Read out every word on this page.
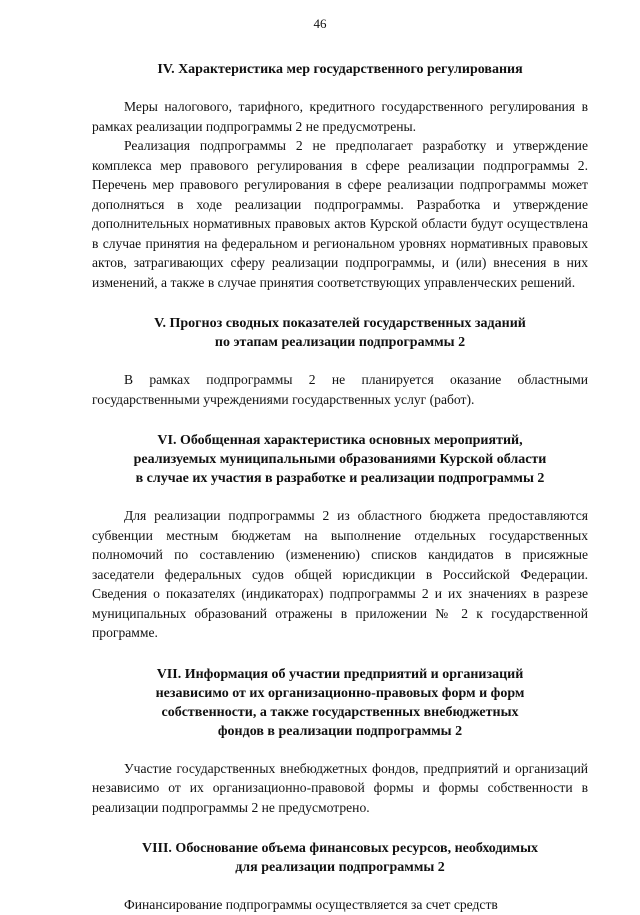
46
IV. Характеристика мер государственного регулирования

Меры налогового, тарифного, кредитного государственного регулирования в рамках реализации подпрограммы 2 не предусмотрены.

Реализация подпрограммы 2 не предполагает разработку и утверждение комплекса мер правового регулирования в сфере реализации подпрограммы 2. Перечень мер правового регулирования в сфере реализации подпрограммы может дополняться в ходе реализации подпрограммы. Разработка и утверждение дополнительных нормативных правовых актов Курской области будут осуществлена в случае принятия на федеральном и региональном уровнях нормативных правовых актов, затрагивающих сферу реализации подпрограммы, и (или) внесения в них изменений, а также в случае принятия соответствующих управленческих решений.

V. Прогноз сводных показателей государственных заданий
по этапам реализации подпрограммы 2

В рамках подпрограммы 2 не планируется оказание областными государственными учреждениями государственных услуг (работ).

VI. Обобщенная характеристика основных мероприятий,
реализуемых муниципальными образованиями Курской области
в случае их участия в разработке и реализации подпрограммы 2

Для реализации подпрограммы 2 из областного бюджета предоставляются субвенции местным бюджетам на выполнение отдельных государственных полномочий по составлению (изменению) списков кандидатов в присяжные заседатели федеральных судов общей юрисдикции в Российской Федерации. Сведения о показателях (индикаторах) подпрограммы 2 и их значениях в разрезе муниципальных образований отражены в приложении № 2 к государственной программе.

VII. Информация об участии предприятий и организаций
независимо от их организационно-правовых форм и форм
собственности, а также государственных внебюджетных
фондов в реализации подпрограммы 2

Участие государственных внебюджетных фондов, предприятий и организаций независимо от их организационно-правовой формы и формы собственности в реализации подпрограммы 2 не предусмотрено.

VIII. Обоснование объема финансовых ресурсов, необходимых
для реализации подпрограммы 2

Финансирование подпрограммы осуществляется за счет средств
